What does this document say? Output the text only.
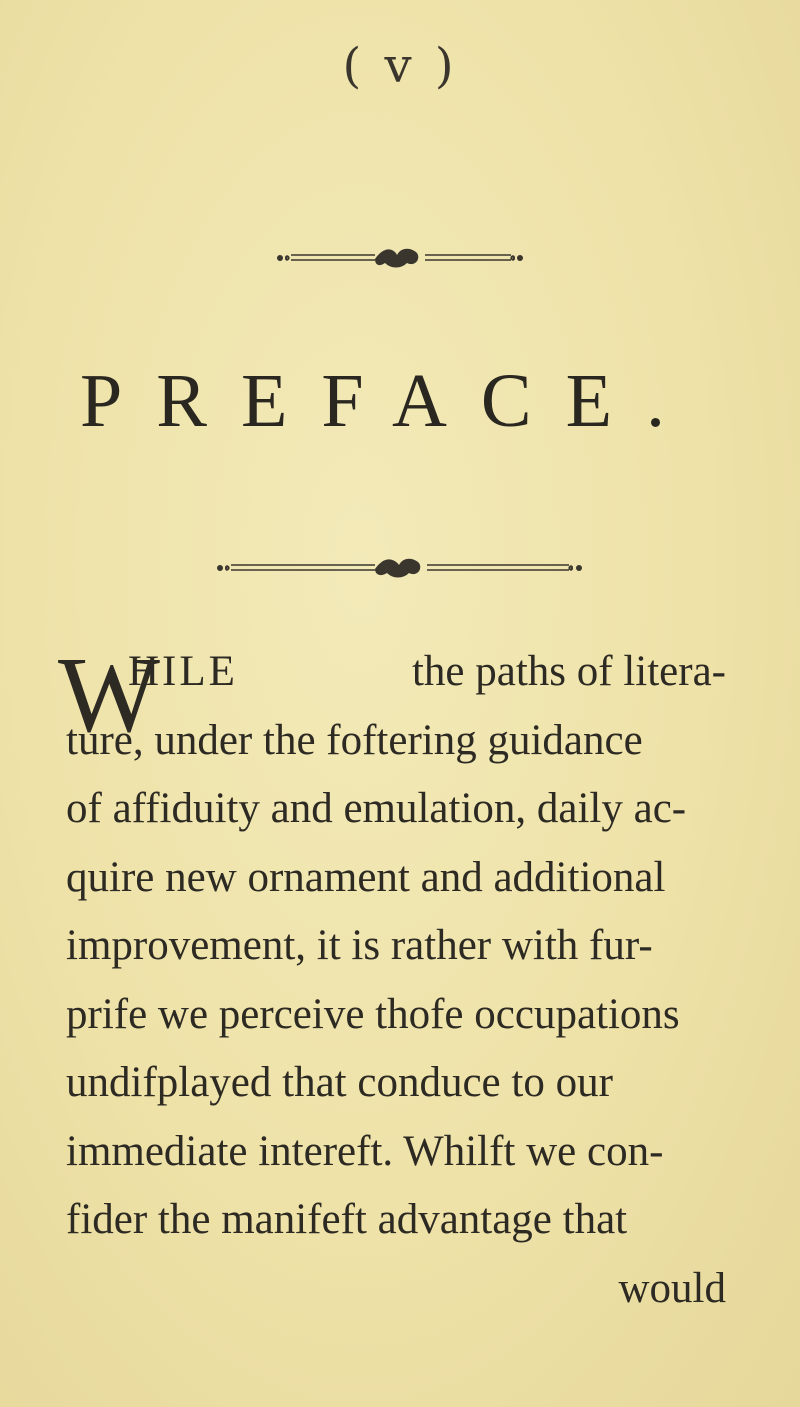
( v )
PREFACE.
W
HILE	the paths of litera-
ture, under the foftering guidance
of affiduity and emulation, daily ac-
quire new ornament and additional
improvement, it is rather with fur-
prife we perceive thofe occupations
undifplayed that conduce to our
immediate intereft. Whilft we con-
fider the manifeft advantage that
would
